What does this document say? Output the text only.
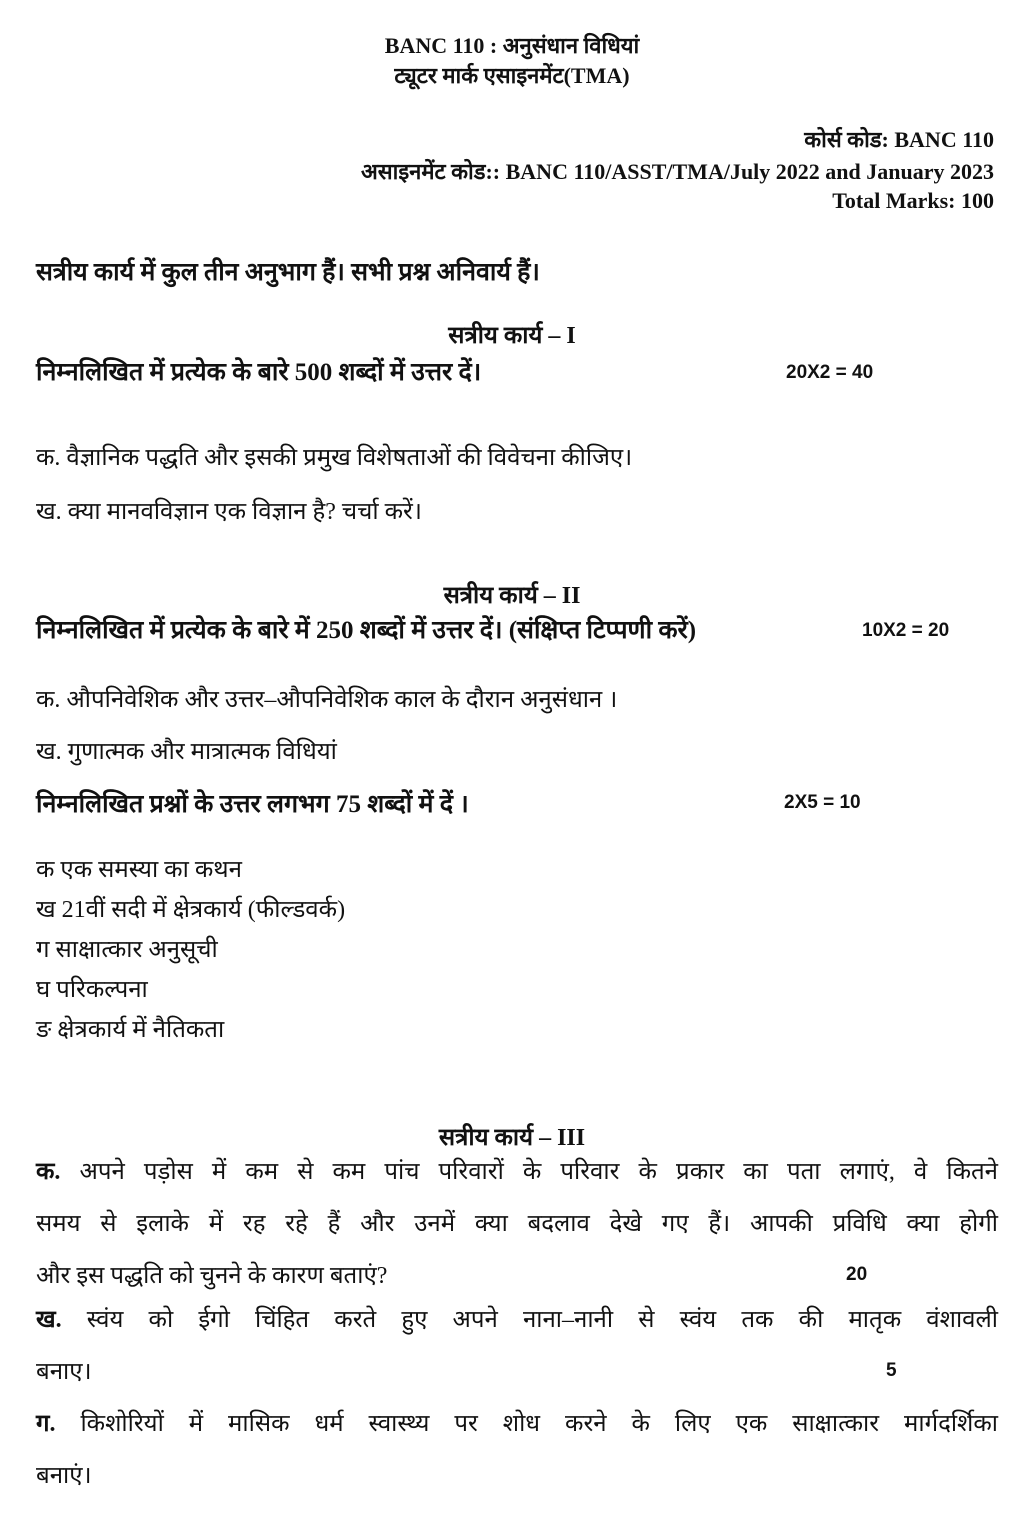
BANC 110 : अनुसंधान विधियां
ट्यूटर मार्क एसाइनमेंट(TMA)
कोर्स कोड: BANC 110
असाइनमेंट कोड:: BANC 110/ASST/TMA/July 2022 and January 2023
Total Marks: 100
सत्रीय कार्य में कुल तीन अनुभाग हैं। सभी प्रश्न अनिवार्य हैं।
सत्रीय कार्य – I
निम्नलिखित में प्रत्येक के बारे 500 शब्दों में उत्तर दें।	20X2 = 40
क. वैज्ञानिक पद्धति और इसकी प्रमुख विशेषताओं की विवेचना कीजिए।
ख. क्या मानवविज्ञान एक विज्ञान है? चर्चा करें।
सत्रीय कार्य – II
निम्नलिखित में प्रत्येक के बारे में 250 शब्दों में उत्तर दें। (संक्षिप्त टिप्पणी करें)	10X2 = 20
क. औपनिवेशिक और उत्तर–औपनिवेशिक काल के दौरान अनुसंधान ।
ख. गुणात्मक और मात्रात्मक विधियां
निम्नलिखित प्रश्नों के उत्तर लगभग 75 शब्दों में दें ।	2X5 = 10
क एक समस्या का कथन
ख 21वीं सदी में क्षेत्रकार्य (फील्डवर्क)
ग साक्षात्कार अनुसूची
घ परिकल्पना
ङ क्षेत्रकार्य में नैतिकता
सत्रीय कार्य – III
क. अपने पड़ोस में कम से कम पांच परिवारों के परिवार के प्रकार का पता लगाएं, वे कितने
समय से इलाके में रह रहे हैं और उनमें क्या बदलाव देखे गए हैं। आपकी प्रविधि क्या होगी
और इस पद्धति को चुनने के कारण बताएं?	20
ख. स्वंय को ईगो चिंहित करते हुए अपने नाना–नानी से स्वंय तक की मातृक वंशावली
बनाए।	5
ग. किशोरियों में मासिक धर्म स्वास्थ्य पर शोध करने के लिए एक साक्षात्कार मार्गदर्शिका
बनाएं।
